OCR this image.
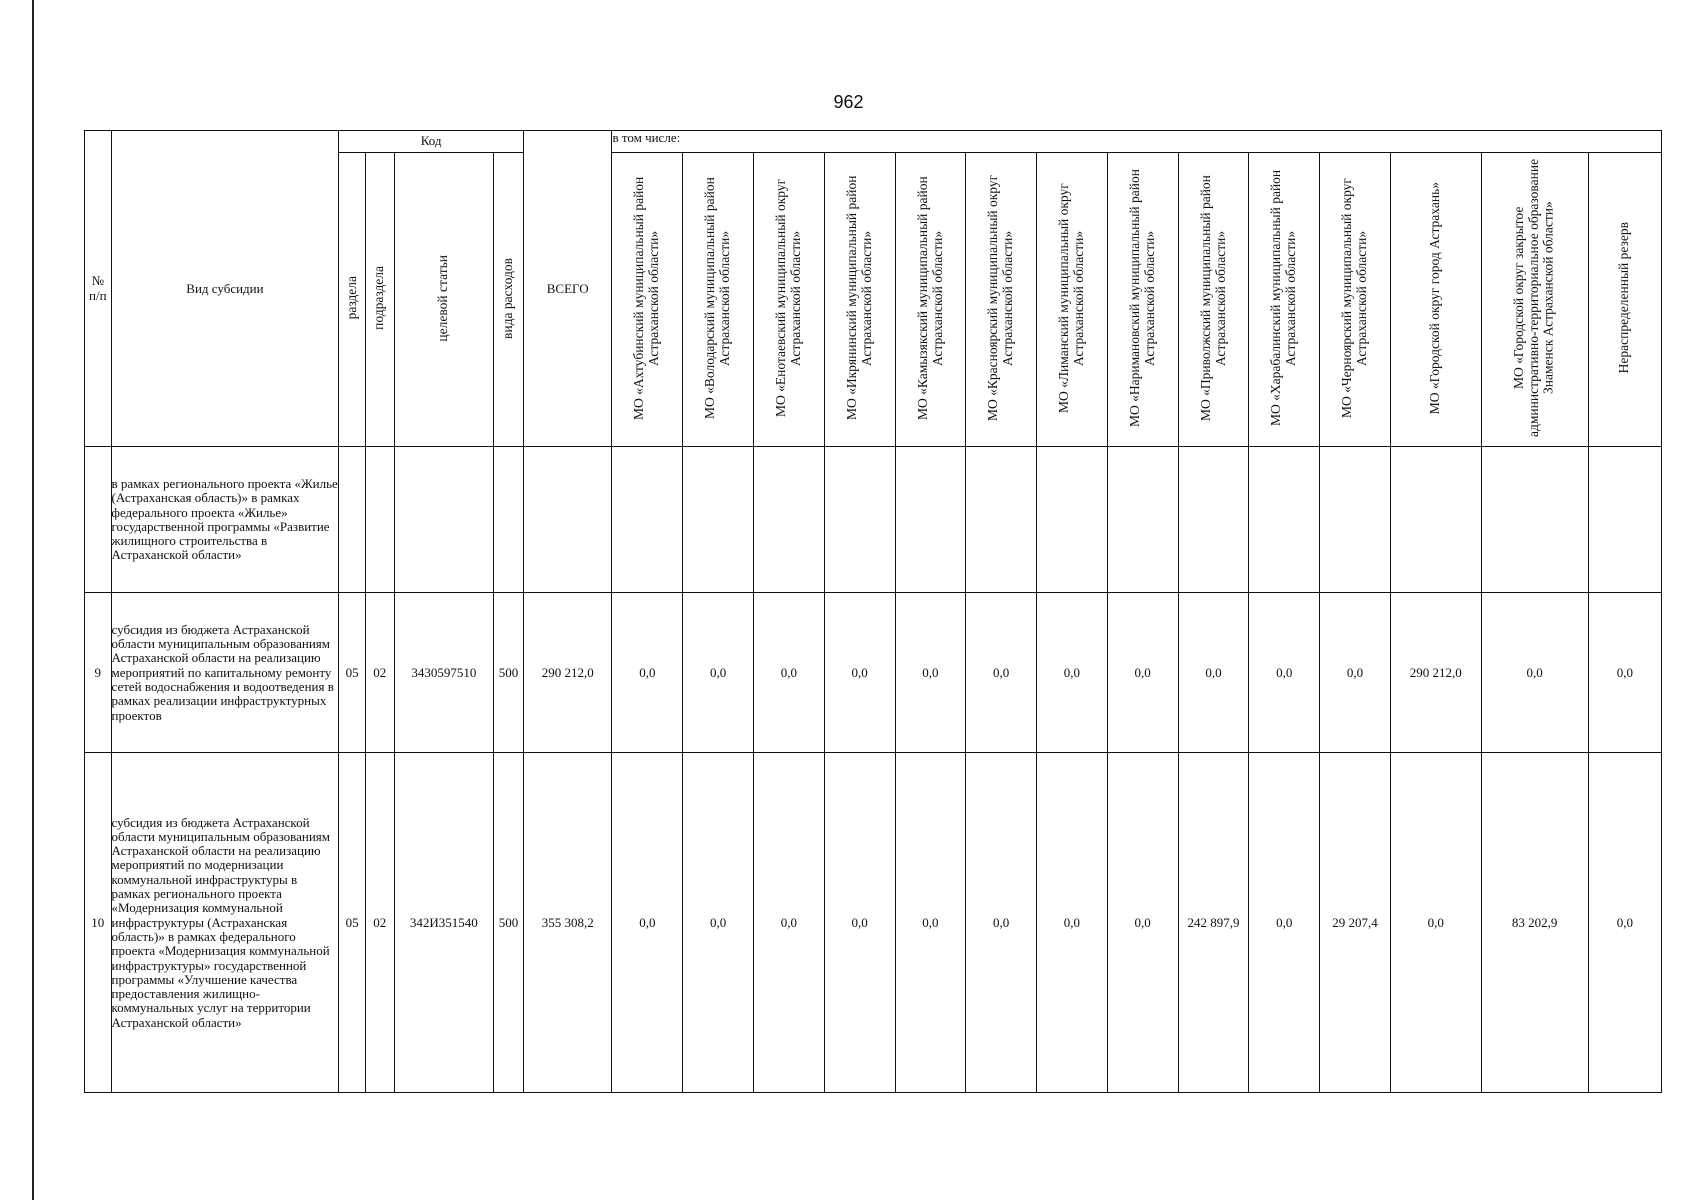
962
№ п/п	Вид субсидии	Код				ВСЕГО	в том числе:													

		раздела	подраздела	целевой статьи	вида расходов		МО «Ахтубинский муниципальный район Астраханской области»	МО «Володарский муниципальный район Астраханской области»	МО «Енотаевский муниципальный округ Астраханской области»	МО «Икрянинский муниципальный район Астраханской области»	МО «Камызякский муниципальный район Астраханской области»	МО «Красноярский муниципальный округ Астраханской области»	МО «Лиманский муниципальный округ Астраханской области»	МО «Наримановский муниципальный район Астраханской области»	МО «Приволжский муниципальный район Астраханской области»	МО «Харабалинский муниципальный район Астраханской области»	МО «Черноярский муниципальный округ Астраханской области»	МО «Городской округ город Астрахань»	МО «Городской округ закрытое административно-территориальное образование Знаменск Астраханской области»	Нераспределенный резерв
	в рамках регионального проекта «Жилье (Астраханская область)» в рамках федерального проекта «Жилье» государственной программы «Развитие жилищного строительства в Астраханской области»																			
9	субсидия из бюджета Астраханской области муниципальным образованиям Астраханской области на реализацию мероприятий по капитальному ремонту сетей водоснабжения и водоотведения в рамках реализации инфраструктурных проектов	05	02	3430597510	500	290 212,0	0,0	0,0	0,0	0,0	0,0	0,0	0,0	0,0	0,0	0,0	0,0	290 212,0	0,0	0,0
10	субсидия из бюджета Астраханской области муниципальным образованиям Астраханской области на реализацию мероприятий по модернизации коммунальной инфраструктуры в рамках регионального проекта «Модернизация коммунальной инфраструктуры (Астраханская область)» в рамках федерального проекта «Модернизация коммунальной инфраструктуры» государственной программы «Улучшение качества предоставления жилищно-коммунальных услуг на территории Астраханской области»	05	02	342И351540	500	355 308,2	0,0	0,0	0,0	0,0	0,0	0,0	0,0	0,0	242 897,9	0,0	29 207,4	0,0	83 202,9	0,0
